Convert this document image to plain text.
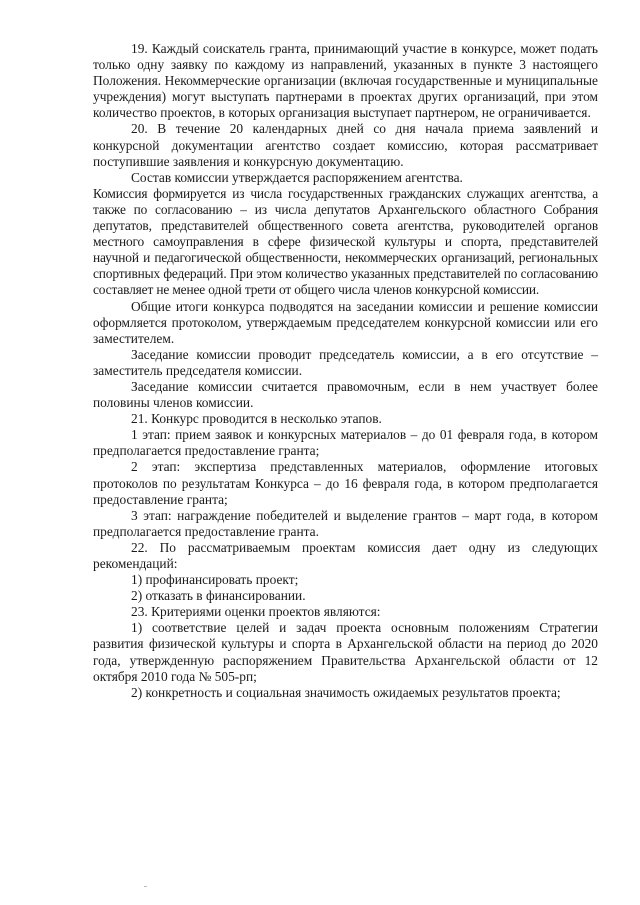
19. Каждый соискатель гранта, принимающий участие в конкурсе, может подать только одну заявку по каждому из направлений, указанных в пункте 3 настоящего Положения. Некоммерческие организации (включая государственные и муниципальные учреждения) могут выступать партнерами в проектах других организаций, при этом количество проектов, в которых организация выступает партнером, не ограничивается.

20. В течение 20 календарных дней со дня начала приема заявлений и конкурсной документации агентство создает комиссию, которая рассматривает поступившие заявления и конкурсную документацию.

Состав комиссии утверждается распоряжением агентства.

Комиссия формируется из числа государственных гражданских служащих агентства, а также по согласованию – из числа депутатов Архангельского областного Собрания депутатов, представителей общественного совета агентства, руководителей органов местного самоуправления в сфере физической культуры и спорта, представителей научной и педагогической общественности, некоммерческих организаций, региональных спортивных федераций. При этом количество указанных представителей по согласованию составляет не менее одной трети от общего числа членов конкурсной комиссии.

Общие итоги конкурса подводятся на заседании комиссии и решение комиссии оформляется протоколом, утверждаемым председателем конкурсной комиссии или его заместителем.

Заседание комиссии проводит председатель комиссии, а в его отсутствие – заместитель председателя комиссии.

Заседание комиссии считается правомочным, если в нем участвует более половины членов комиссии.

21. Конкурс проводится в несколько этапов.

1 этап: прием заявок и конкурсных материалов – до 01 февраля года, в котором предполагается предоставление гранта;

2 этап: экспертиза представленных материалов, оформление итоговых протоколов по результатам Конкурса – до 16 февраля года, в котором предполагается предоставление гранта;

3 этап: награждение победителей и выделение грантов – март года, в котором предполагается предоставление гранта.

22. По рассматриваемым проектам комиссия дает одну из следующих рекомендаций:

1) профинансировать проект;

2) отказать в финансировании.

23. Критериями оценки проектов являются:

1) соответствие целей и задач проекта основным положениям Стратегии развития физической культуры и спорта в Архангельской области на период до 2020 года, утвержденную распоряжением Правительства Архангельской области от 12 октября 2010 года № 505-рп;

2) конкретность и социальная значимость ожидаемых результатов проекта;
